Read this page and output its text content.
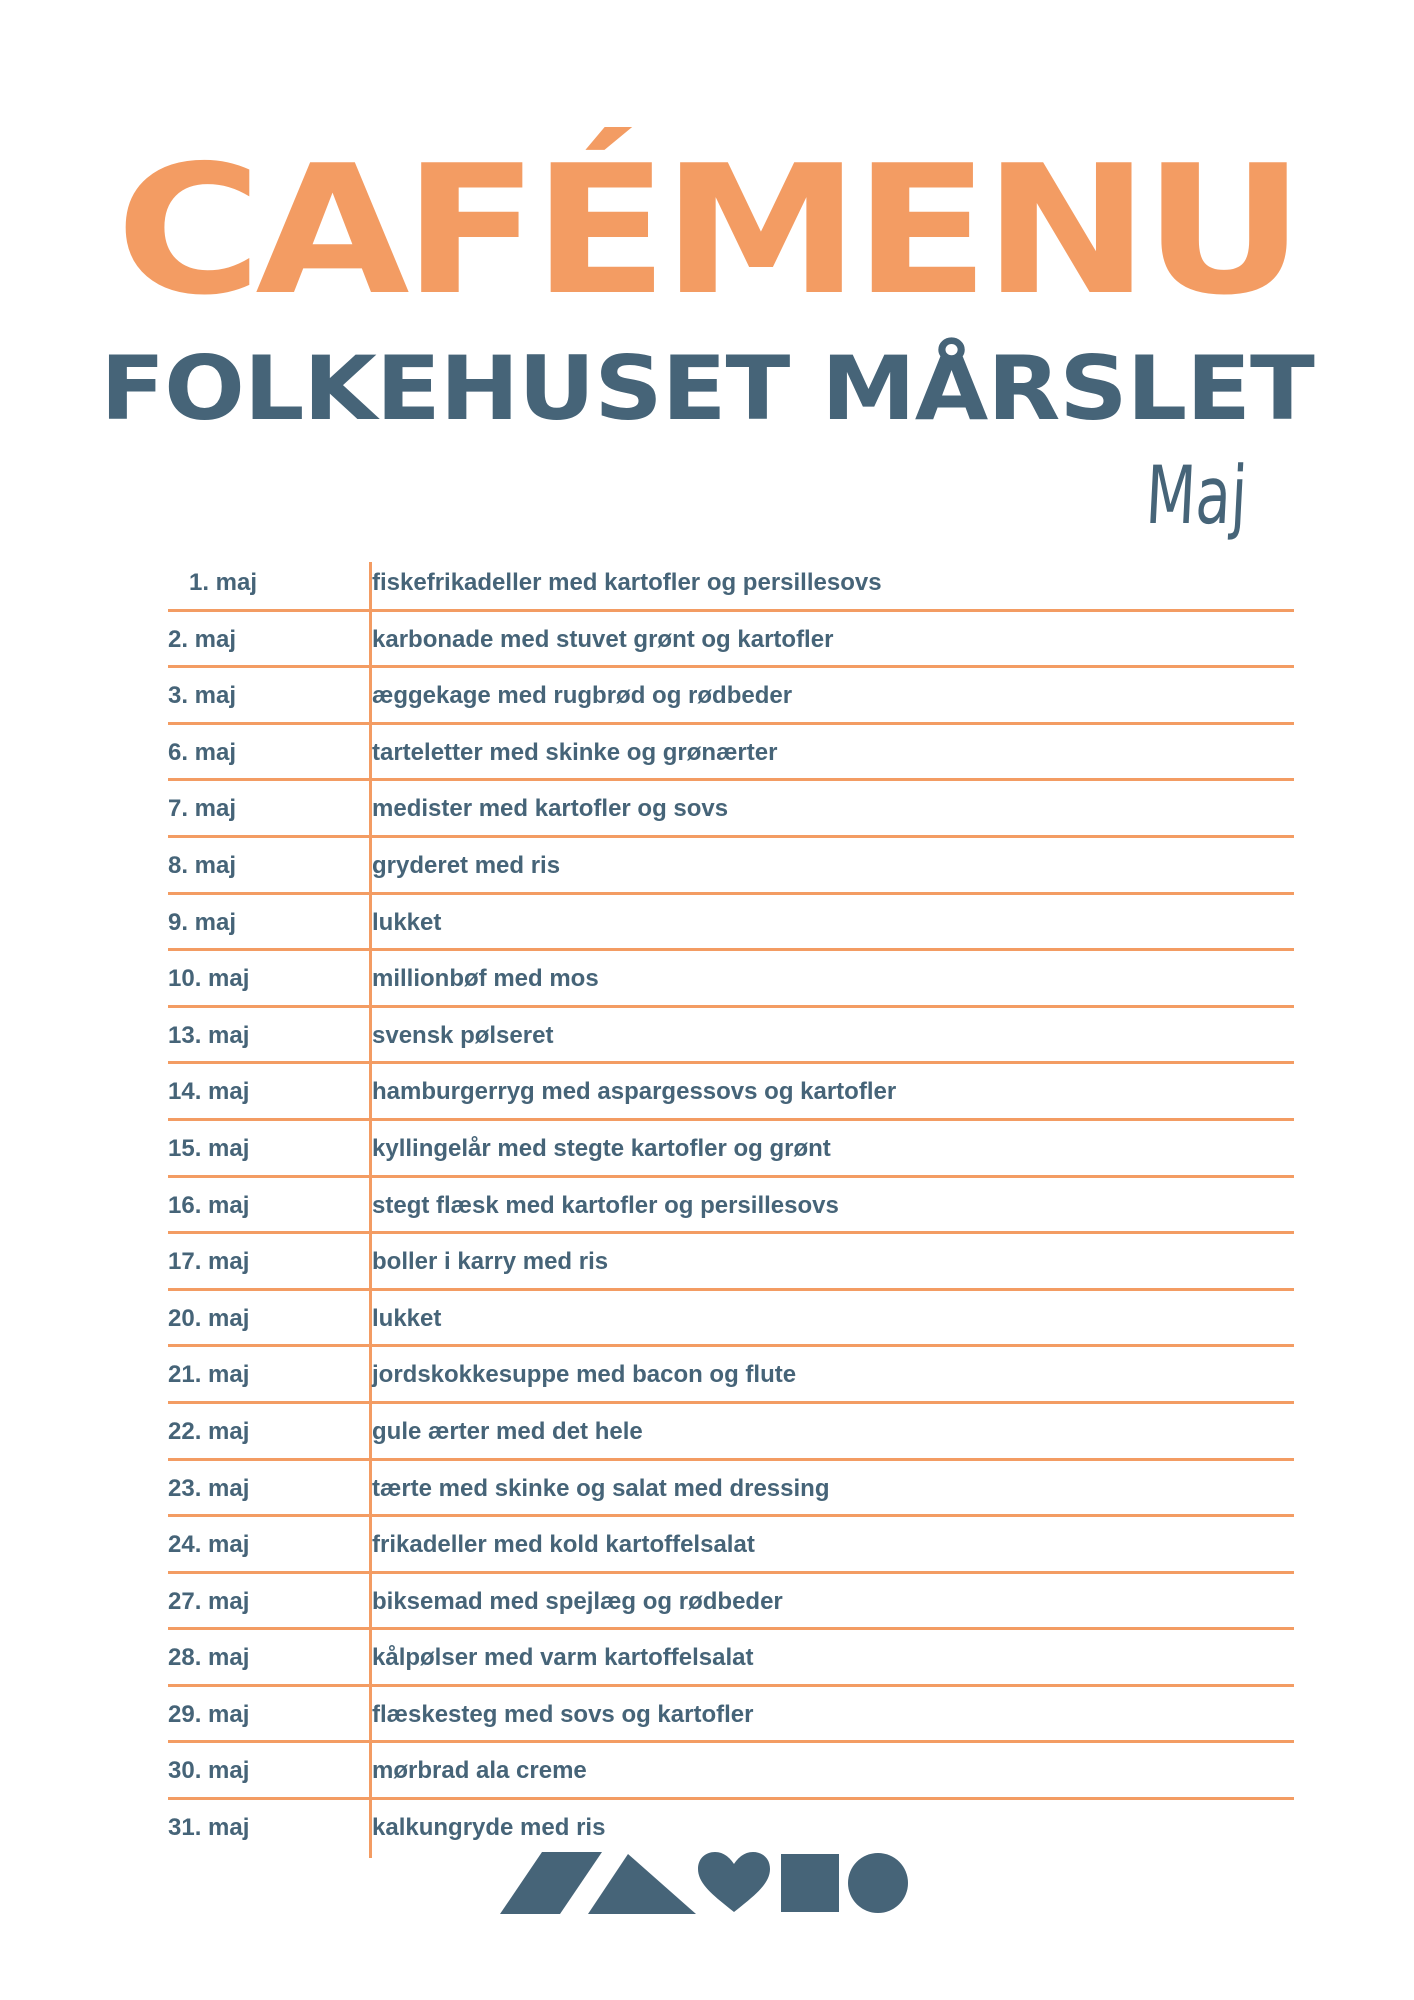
CAFÉMENU
FOLKEHUSET MÅRSLET
Maj
1. maj	fiskefrikadeller med kartofler og persillesovs
2. maj	karbonade med stuvet grønt og kartofler
3. maj	æggekage med rugbrød og rødbeder
6. maj	tarteletter med skinke og grønærter
7. maj	medister med kartofler og sovs
8. maj	gryderet med ris
9. maj	lukket
10. maj	millionbøf med mos
13. maj	svensk pølseret
14. maj	hamburgerryg med aspargessovs og kartofler
15. maj	kyllingelår med stegte kartofler og grønt
16. maj	stegt flæsk med kartofler og persillesovs
17. maj	boller i karry med ris
20. maj	lukket
21. maj	jordskokkesuppe med bacon og flute
22. maj	gule ærter med det hele
23. maj	tærte med skinke og salat med dressing
24. maj	frikadeller med kold kartoffelsalat
27. maj	biksemad med spejlæg og rødbeder
28. maj	kålpølser med varm kartoffelsalat
29. maj	flæskesteg med sovs og kartofler
30. maj	mørbrad ala creme
31. maj	kalkungryde med ris
